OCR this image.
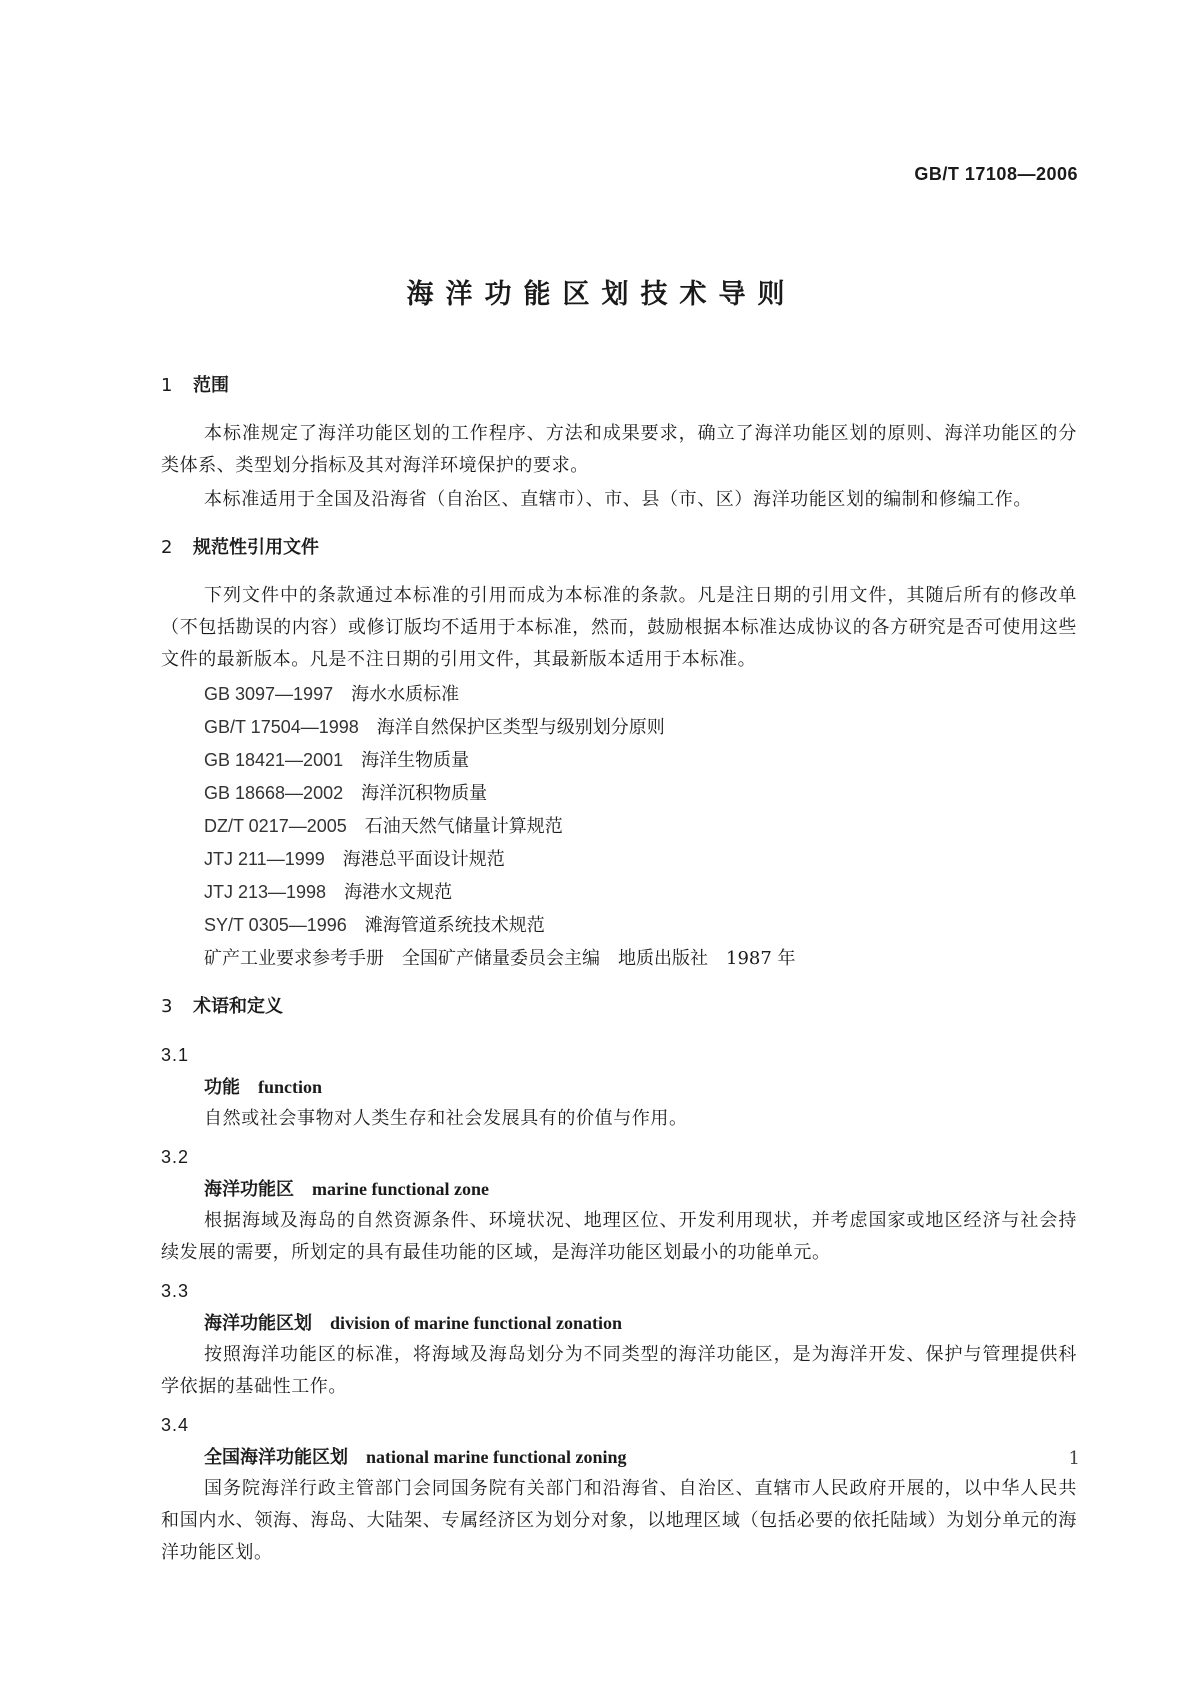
GB/T 17108—2006
海洋功能区划技术导则
1 范围

本标准规定了海洋功能区划的工作程序、方法和成果要求，确立了海洋功能区划的原则、海洋功能区的分类体系、类型划分指标及其对海洋环境保护的要求。

本标准适用于全国及沿海省（自治区、直辖市）、市、县（市、区）海洋功能区划的编制和修编工作。

2 规范性引用文件

下列文件中的条款通过本标准的引用而成为本标准的条款。凡是注日期的引用文件，其随后所有的修改单（不包括勘误的内容）或修订版均不适用于本标准，然而，鼓励根据本标准达成协议的各方研究是否可使用这些文件的最新版本。凡是不注日期的引用文件，其最新版本适用于本标准。

GB 3097—1997 海水水质标准

GB/T 17504—1998 海洋自然保护区类型与级别划分原则

GB 18421—2001 海洋生物质量

GB 18668—2002 海洋沉积物质量

DZ/T 0217—2005 石油天然气储量计算规范

JTJ 211—1999 海港总平面设计规范

JTJ 213—1998 海港水文规范

SY/T 0305—1996 滩海管道系统技术规范

矿产工业要求参考手册　全国矿产储量委员会主编　地质出版社　1987 年

3 术语和定义
3.1
功能 function

自然或社会事物对人类生存和社会发展具有的价值与作用。

3.2
海洋功能区 marine functional zone

根据海域及海岛的自然资源条件、环境状况、地理区位、开发利用现状，并考虑国家或地区经济与社会持续发展的需要，所划定的具有最佳功能的区域，是海洋功能区划最小的功能单元。

3.3
海洋功能区划 division of marine functional zonation

按照海洋功能区的标准，将海域及海岛划分为不同类型的海洋功能区，是为海洋开发、保护与管理提供科学依据的基础性工作。

3.4
全国海洋功能区划 national marine functional zoning

国务院海洋行政主管部门会同国务院有关部门和沿海省、自治区、直辖市人民政府开展的，以中华人民共和国内水、领海、海岛、大陆架、专属经济区为划分对象，以地理区域（包括必要的依托陆域）为划分单元的海洋功能区划。

1
